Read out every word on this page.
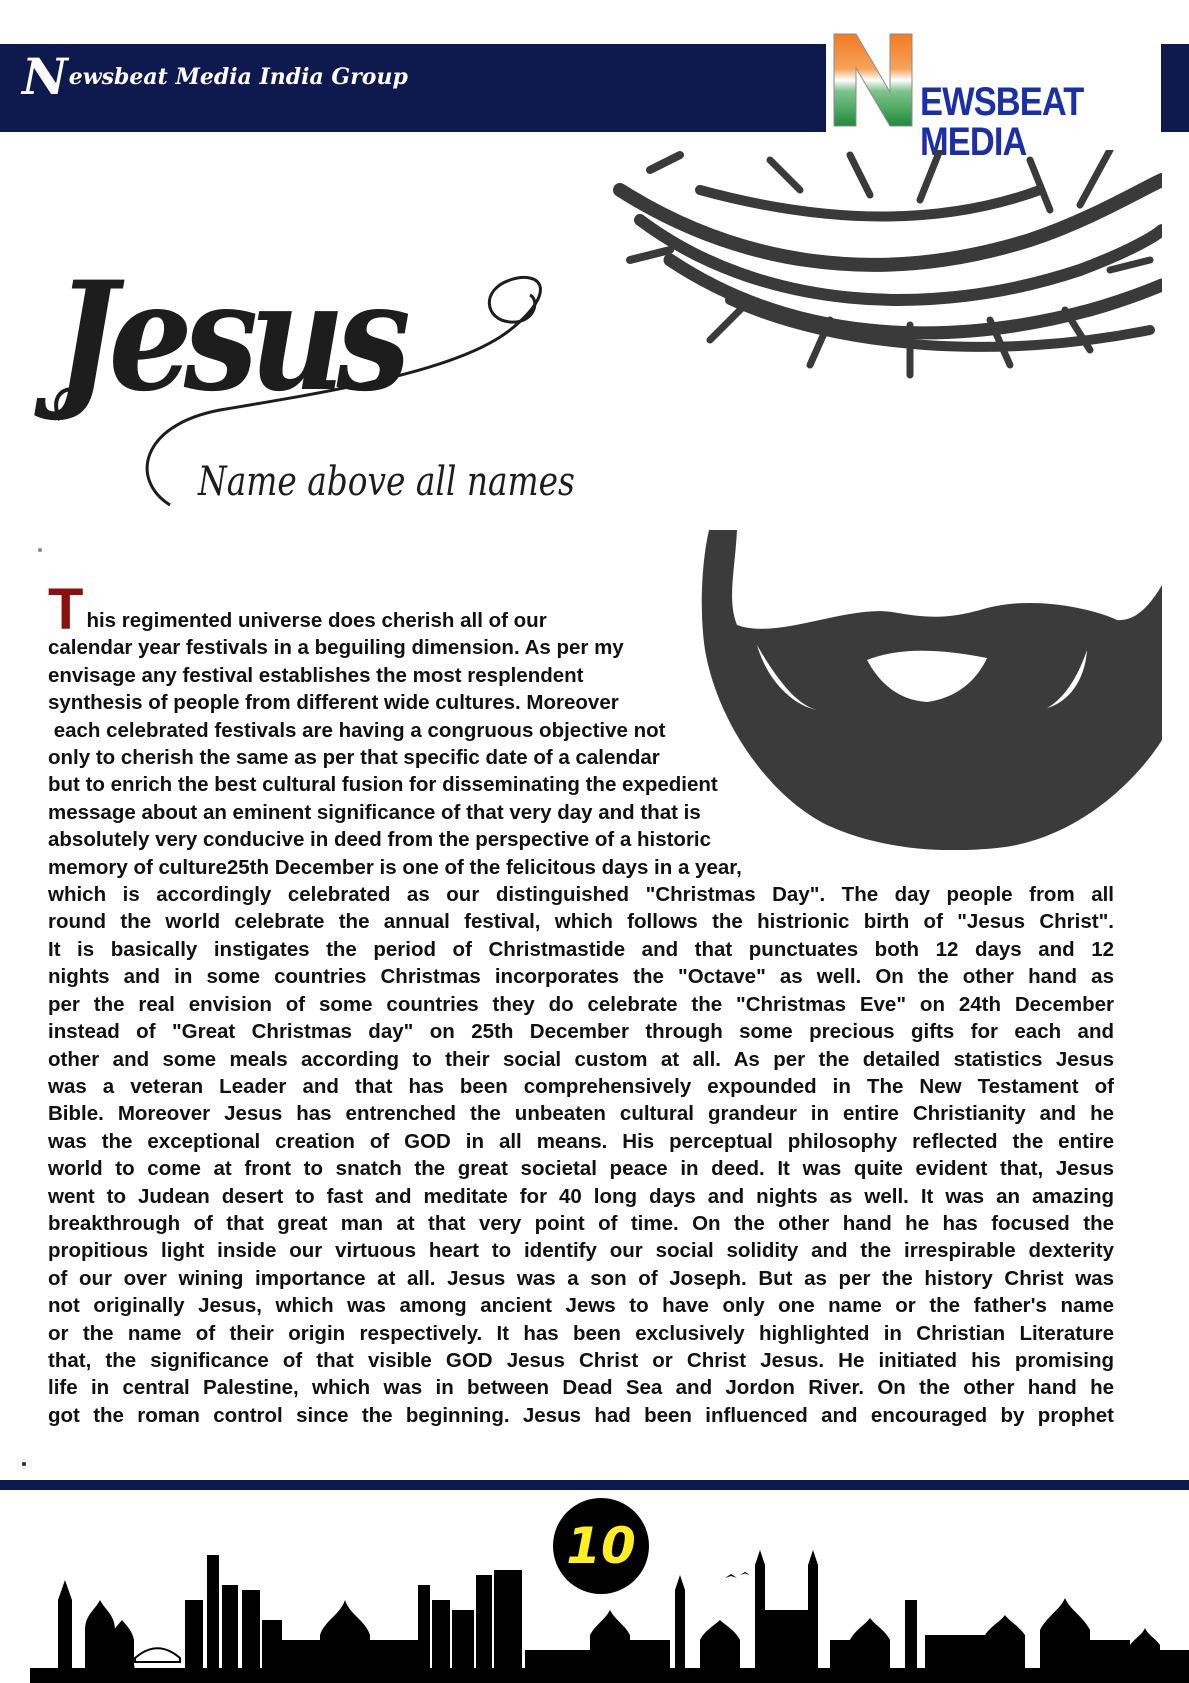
Newsbeat Media India Group
EWSBEAT MEDIA
Jesus
Name above all names
T his regimented universe does cherish all of our
calendar year festivals in a beguiling dimension. As per my
envisage any festival establishes the most resplendent
synthesis of people from different wide cultures. Moreover
each celebrated festivals are having a congruous objective not
only to cherish the same as per that specific date of a calendar
but to enrich the best cultural fusion for disseminating the expedient
message about an eminent significance of that very day and that is
absolutely very conducive in deed from the perspective of a historic
memory of culture25th December is one of the felicitous days in a year,
which is accordingly celebrated as our distinguished "Christmas Day". The day people from all
round the world celebrate the annual festival, which follows the histrionic birth of "Jesus Christ".
It is basically instigates the period of Christmastide and that punctuates both 12 days and 12
nights and in some countries Christmas incorporates the "Octave" as well. On the other hand as
per the real envision of some countries they do celebrate the "Christmas Eve" on 24th December
instead of "Great Christmas day" on 25th December through some precious gifts for each and
other and some meals according to their social custom at all. As per the detailed statistics Jesus
was a veteran Leader and that has been comprehensively expounded in The New Testament of
Bible. Moreover Jesus has entrenched the unbeaten cultural grandeur in entire Christianity and he
was the exceptional creation of GOD in all means. His perceptual philosophy reflected the entire
world to come at front to snatch the great societal peace in deed. It was quite evident that, Jesus
went to Judean desert to fast and meditate for 40 long days and nights as well. It was an amazing
breakthrough of that great man at that very point of time. On the other hand he has focused the
propitious light inside our virtuous heart to identify our social solidity and the irrespirable dexterity
of our over wining importance at all. Jesus was a son of Joseph. But as per the history Christ was
not originally Jesus, which was among ancient Jews to have only one name or the father's name
or the name of their origin respectively. It has been exclusively highlighted in Christian Literature
that, the significance of that visible GOD Jesus Christ or Christ Jesus. He initiated his promising
life in central Palestine, which was in between Dead Sea and Jordon River. On the other hand he
got the roman control since the beginning. Jesus had been influenced and encouraged by prophet
10
